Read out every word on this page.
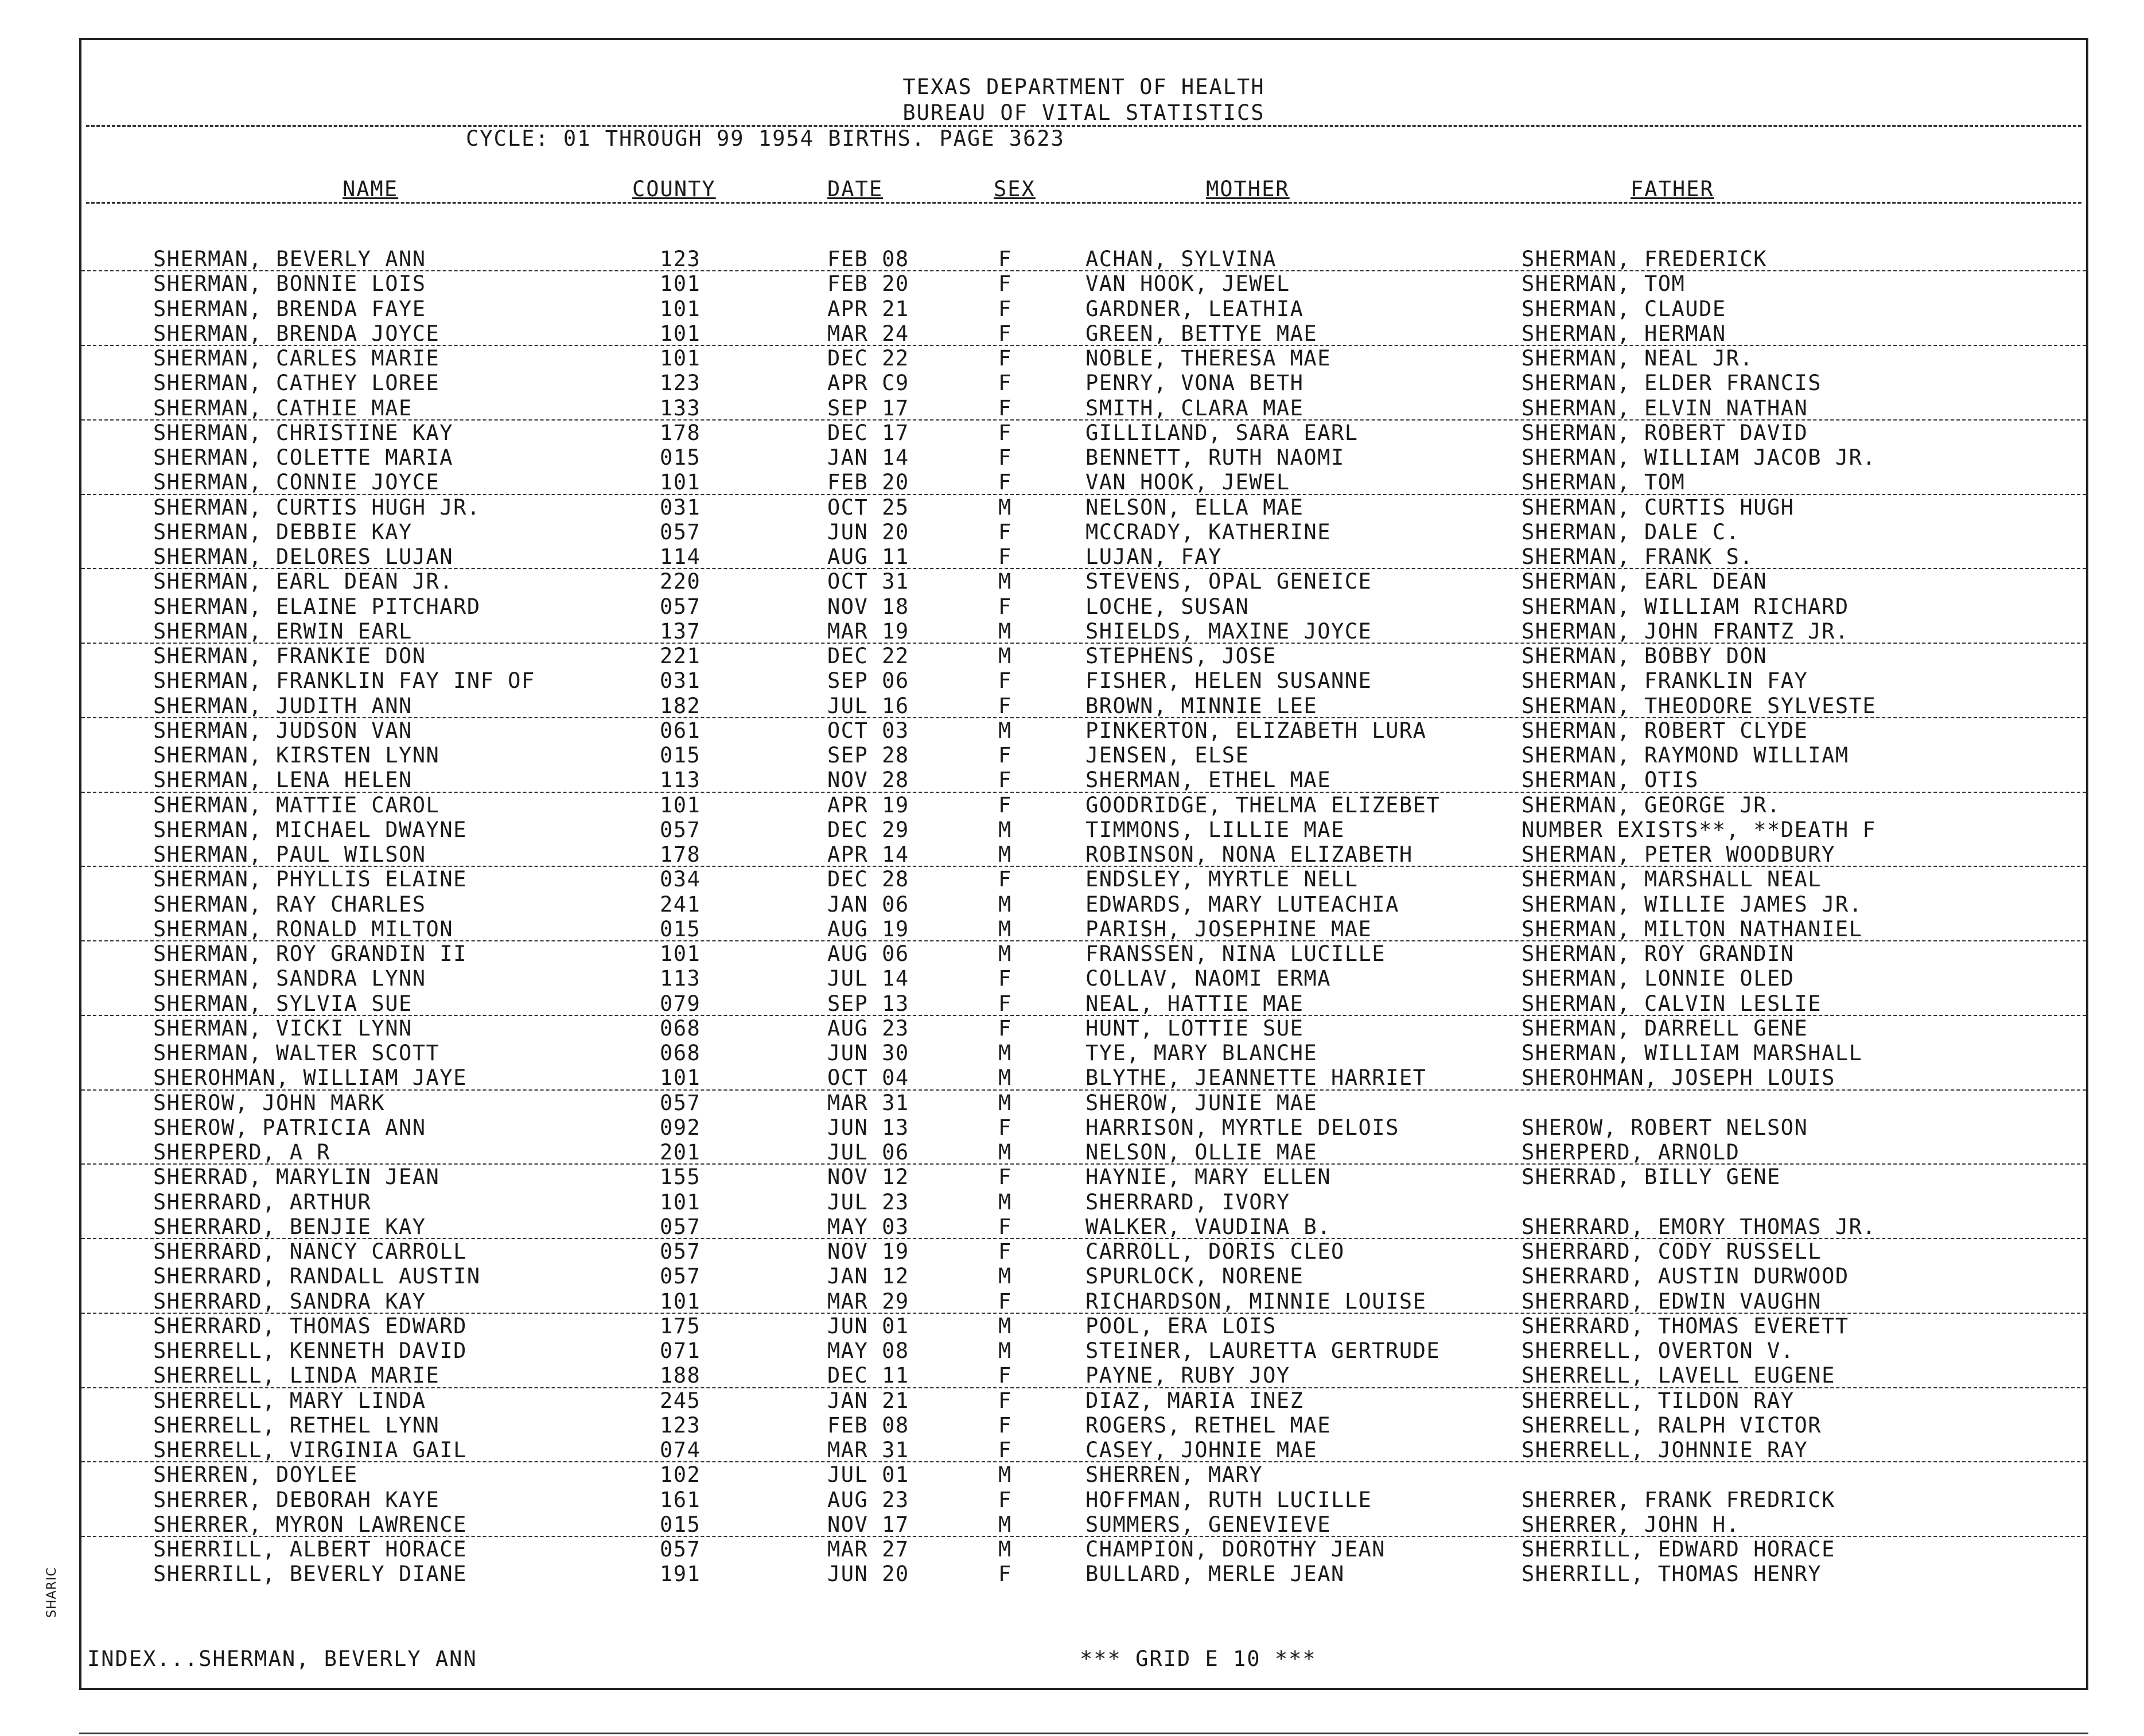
TEXAS DEPARTMENT OF HEALTH
BUREAU OF VITAL STATISTICS
CYCLE: 01 THROUGH 99 1954 BIRTHS. PAGE 3623
NAME	COUNTY	DATE	SEX	MOTHER	FATHER
SHERMAN, BEVERLY ANN	123	FEB 08	F	ACHAN, SYLVINA	SHERMAN, FREDERICK
SHERMAN, BONNIE LOIS	101	FEB 20	F	VAN HOOK, JEWEL	SHERMAN, TOM
SHERMAN, BRENDA FAYE	101	APR 21	F	GARDNER, LEATHIA	SHERMAN, CLAUDE
SHERMAN, BRENDA JOYCE	101	MAR 24	F	GREEN, BETTYE MAE	SHERMAN, HERMAN
SHERMAN, CARLES MARIE	101	DEC 22	F	NOBLE, THERESA MAE	SHERMAN, NEAL JR.
SHERMAN, CATHEY LOREE	123	APR C9	F	PENRY, VONA BETH	SHERMAN, ELDER FRANCIS
SHERMAN, CATHIE MAE	133	SEP 17	F	SMITH, CLARA MAE	SHERMAN, ELVIN NATHAN
SHERMAN, CHRISTINE KAY	178	DEC 17	F	GILLILAND, SARA EARL	SHERMAN, ROBERT DAVID
SHERMAN, COLETTE MARIA	015	JAN 14	F	BENNETT, RUTH NAOMI	SHERMAN, WILLIAM JACOB JR.
SHERMAN, CONNIE JOYCE	101	FEB 20	F	VAN HOOK, JEWEL	SHERMAN, TOM
SHERMAN, CURTIS HUGH JR.	031	OCT 25	M	NELSON, ELLA MAE	SHERMAN, CURTIS HUGH
SHERMAN, DEBBIE KAY	057	JUN 20	F	MCCRADY, KATHERINE	SHERMAN, DALE C.
SHERMAN, DELORES LUJAN	114	AUG 11	F	LUJAN, FAY	SHERMAN, FRANK S.
SHERMAN, EARL DEAN JR.	220	OCT 31	M	STEVENS, OPAL GENEICE	SHERMAN, EARL DEAN
SHERMAN, ELAINE PITCHARD	057	NOV 18	F	LOCHE, SUSAN	SHERMAN, WILLIAM RICHARD
SHERMAN, ERWIN EARL	137	MAR 19	M	SHIELDS, MAXINE JOYCE	SHERMAN, JOHN FRANTZ JR.
SHERMAN, FRANKIE DON	221	DEC 22	M	STEPHENS, JOSE	SHERMAN, BOBBY DON
SHERMAN, FRANKLIN FAY INF OF	031	SEP 06	F	FISHER, HELEN SUSANNE	SHERMAN, FRANKLIN FAY
SHERMAN, JUDITH ANN	182	JUL 16	F	BROWN, MINNIE LEE	SHERMAN, THEODORE SYLVESTE
SHERMAN, JUDSON VAN	061	OCT 03	M	PINKERTON, ELIZABETH LURA	SHERMAN, ROBERT CLYDE
SHERMAN, KIRSTEN LYNN	015	SEP 28	F	JENSEN, ELSE	SHERMAN, RAYMOND WILLIAM
SHERMAN, LENA HELEN	113	NOV 28	F	SHERMAN, ETHEL MAE	SHERMAN, OTIS
SHERMAN, MATTIE CAROL	101	APR 19	F	GOODRIDGE, THELMA ELIZEBET	SHERMAN, GEORGE JR.
SHERMAN, MICHAEL DWAYNE	057	DEC 29	M	TIMMONS, LILLIE MAE	NUMBER EXISTS**, **DEATH F
SHERMAN, PAUL WILSON	178	APR 14	M	ROBINSON, NONA ELIZABETH	SHERMAN, PETER WOODBURY
SHERMAN, PHYLLIS ELAINE	034	DEC 28	F	ENDSLEY, MYRTLE NELL	SHERMAN, MARSHALL NEAL
SHERMAN, RAY CHARLES	241	JAN 06	M	EDWARDS, MARY LUTEACHIA	SHERMAN, WILLIE JAMES JR.
SHERMAN, RONALD MILTON	015	AUG 19	M	PARISH, JOSEPHINE MAE	SHERMAN, MILTON NATHANIEL
SHERMAN, ROY GRANDIN II	101	AUG 06	M	FRANSSEN, NINA LUCILLE	SHERMAN, ROY GRANDIN
SHERMAN, SANDRA LYNN	113	JUL 14	F	COLLAV, NAOMI ERMA	SHERMAN, LONNIE OLED
SHERMAN, SYLVIA SUE	079	SEP 13	F	NEAL, HATTIE MAE	SHERMAN, CALVIN LESLIE
SHERMAN, VICKI LYNN	068	AUG 23	F	HUNT, LOTTIE SUE	SHERMAN, DARRELL GENE
SHERMAN, WALTER SCOTT	068	JUN 30	M	TYE, MARY BLANCHE	SHERMAN, WILLIAM MARSHALL
SHEROHMAN, WILLIAM JAYE	101	OCT 04	M	BLYTHE, JEANNETTE HARRIET	SHEROHMAN, JOSEPH LOUIS
SHEROW, JOHN MARK	057	MAR 31	M	SHEROW, JUNIE MAE
SHEROW, PATRICIA ANN	092	JUN 13	F	HARRISON, MYRTLE DELOIS	SHEROW, ROBERT NELSON
SHERPERD, A R	201	JUL 06	M	NELSON, OLLIE MAE	SHERPERD, ARNOLD
SHERRAD, MARYLIN JEAN	155	NOV 12	F	HAYNIE, MARY ELLEN	SHERRAD, BILLY GENE
SHERRARD, ARTHUR	101	JUL 23	M	SHERRARD, IVORY
SHERRARD, BENJIE KAY	057	MAY 03	F	WALKER, VAUDINA B.	SHERRARD, EMORY THOMAS JR.
SHERRARD, NANCY CARROLL	057	NOV 19	F	CARROLL, DORIS CLEO	SHERRARD, CODY RUSSELL
SHERRARD, RANDALL AUSTIN	057	JAN 12	M	SPURLOCK, NORENE	SHERRARD, AUSTIN DURWOOD
SHERRARD, SANDRA KAY	101	MAR 29	F	RICHARDSON, MINNIE LOUISE	SHERRARD, EDWIN VAUGHN
SHERRARD, THOMAS EDWARD	175	JUN 01	M	POOL, ERA LOIS	SHERRARD, THOMAS EVERETT
SHERRELL, KENNETH DAVID	071	MAY 08	M	STEINER, LAURETTA GERTRUDE	SHERRELL, OVERTON V.
SHERRELL, LINDA MARIE	188	DEC 11	F	PAYNE, RUBY JOY	SHERRELL, LAVELL EUGENE
SHERRELL, MARY LINDA	245	JAN 21	F	DIAZ, MARIA INEZ	SHERRELL, TILDON RAY
SHERRELL, RETHEL LYNN	123	FEB 08	F	ROGERS, RETHEL MAE	SHERRELL, RALPH VICTOR
SHERRELL, VIRGINIA GAIL	074	MAR 31	F	CASEY, JOHNIE MAE	SHERRELL, JOHNNIE RAY
SHERREN, DOYLEE	102	JUL 01	M	SHERREN, MARY
SHERRER, DEBORAH KAYE	161	AUG 23	F	HOFFMAN, RUTH LUCILLE	SHERRER, FRANK FREDRICK
SHERRER, MYRON LAWRENCE	015	NOV 17	M	SUMMERS, GENEVIEVE	SHERRER, JOHN H.
SHERRILL, ALBERT HORACE	057	MAR 27	M	CHAMPION, DOROTHY JEAN	SHERRILL, EDWARD HORACE
SHERRILL, BEVERLY DIANE	191	JUN 20	F	BULLARD, MERLE JEAN	SHERRILL, THOMAS HENRY
INDEX...SHERMAN, BEVERLY ANN	*** GRID E 10 ***
SHARIC
